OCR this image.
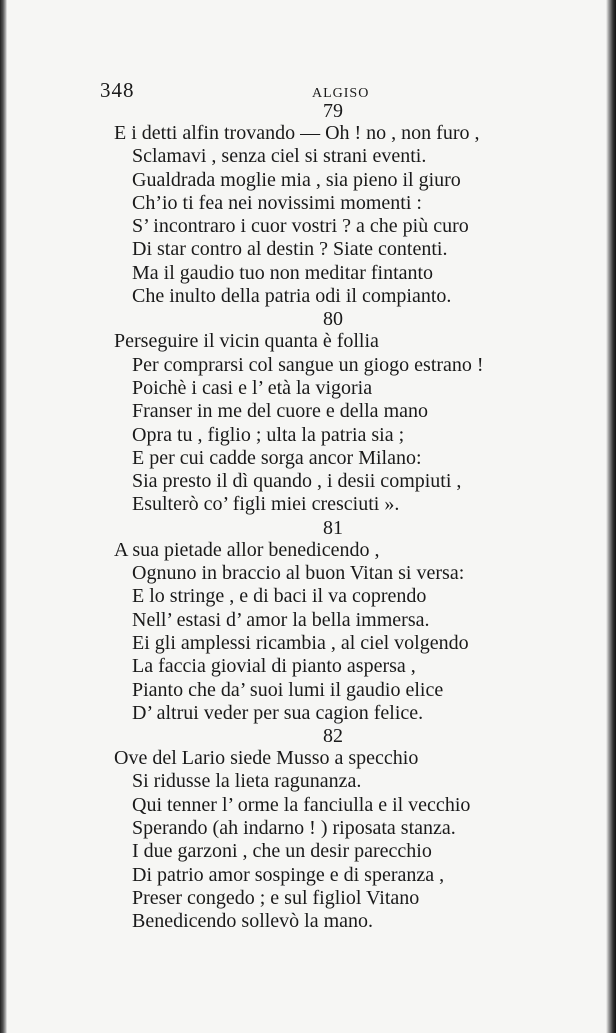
348	ALGISO
79
E i detti alfin trovando — Oh ! no , non furo ,
Sclamavi , senza ciel si strani eventi.
Gualdrada moglie mia , sia pieno il giuro
Ch’io ti fea nei novissimi momenti :
S’ incontraro i cuor vostri ? a che più curo
Di star contro al destin ? Siate contenti.
Ma il gaudio tuo non meditar fintanto
Che inulto della patria odi il compianto.
80
Perseguire il vicin quanta è follia
Per comprarsi col sangue un giogo estrano !
Poichè i casi e l’ età la vigoria
Franser in me del cuore e della mano
Opra tu , figlio ; ulta la patria sia ;
E per cui cadde sorga ancor Milano:
Sia presto il dì quando , i desii compiuti ,
Esulterò co’ figli miei cresciuti ».
81
A sua pietade allor benedicendo ,
Ognuno in braccio al buon Vitan si versa:
E lo stringe , e di baci il va coprendo
Nell’ estasi d’ amor la bella immersa.
Ei gli amplessi ricambia , al ciel volgendo
La faccia giovial di pianto aspersa ,
Pianto che da’ suoi lumi il gaudio elice
D’ altrui veder per sua cagion felice.
82
Ove del Lario siede Musso a specchio
Si ridusse la lieta ragunanza.
Qui tenner l’ orme la fanciulla e il vecchio
Sperando (ah indarno ! ) riposata stanza.
I due garzoni , che un desir parecchio
Di patrio amor sospinge e di speranza ,
Preser congedo ; e sul figliol Vitano
Benedicendo sollevò la mano.
